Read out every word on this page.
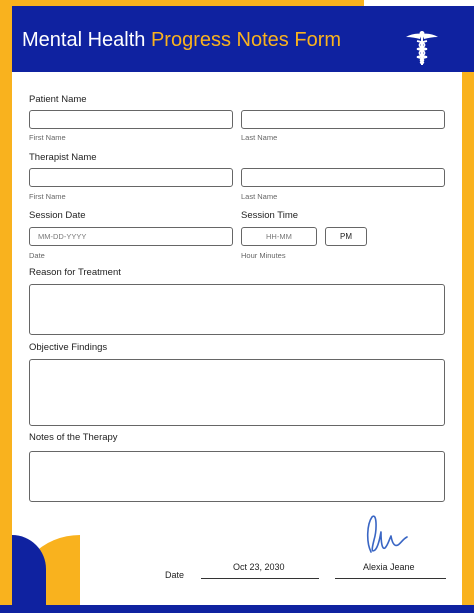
Mental Health Progress Notes Form
Patient Name
First Name	Last Name
Therapist Name
First Name	Last Name
Session Date	Session Time
MM-DD-YYYY	HH-MM	PM
Date	Hour Minutes
Reason for Treatment
Objective Findings
Notes of the Therapy
Date
Oct 23, 2030	Alexia Jeane
